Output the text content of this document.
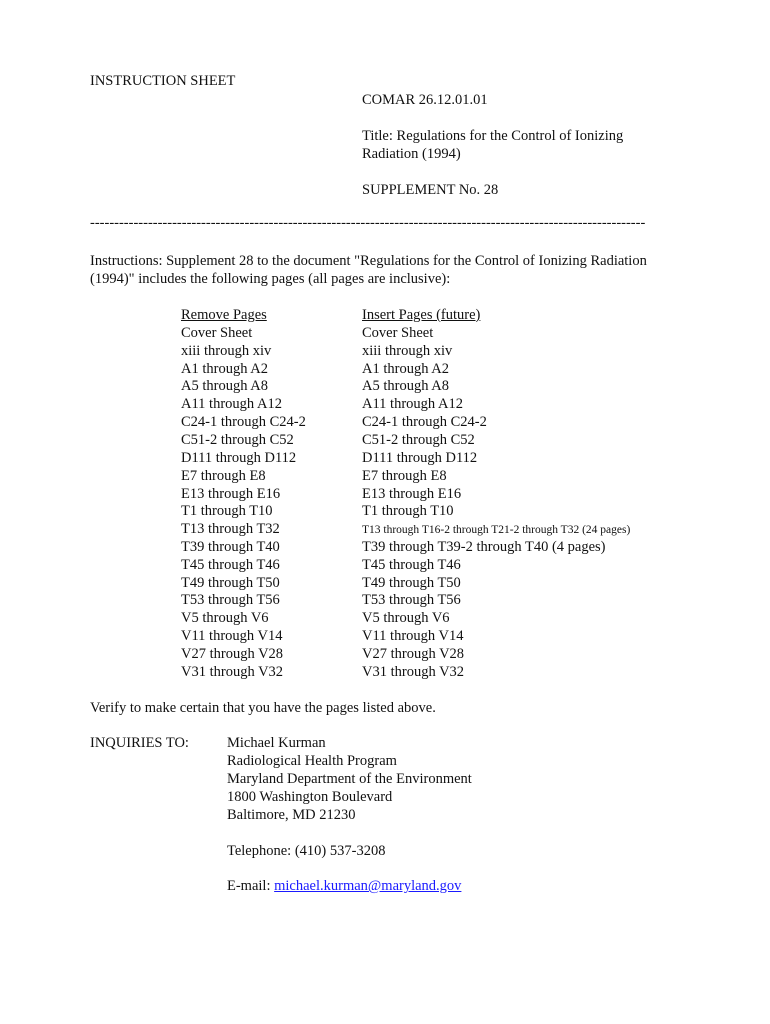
INSTRUCTION SHEET
COMAR 26.12.01.01
Title: Regulations for the Control of Ionizing
Radiation (1994)
SUPPLEMENT No. 28
-------------------------------------------------------------------------------------------------------------------
Instructions: Supplement 28 to the document "Regulations for the Control of Ionizing Radiation
(1994)" includes the following pages (all pages are inclusive):
Remove Pages	Insert Pages (future)
Cover Sheet
xiii through xiv
A1 through A2
A5 through A8
A11 through A12
C24-1 through C24-2
C51-2 through C52
D111 through D112
E7 through E8
E13 through E16
T1 through T10
T13 through T32
T39 through T40
T45 through T46
T49 through T50
T53 through T56
V5 through V6
V11 through V14
V27 through V28
V31 through V32
Cover Sheet
xiii through xiv
A1 through A2
A5 through A8
A11 through A12
C24-1 through C24-2
C51-2 through C52
D111 through D112
E7 through E8
E13 through E16
T1 through T10
T13 through T16-2 through T21-2 through T32 (24 pages)
T39 through T39-2 through T40 (4 pages)
T45 through T46
T49 through T50
T53 through T56
V5 through V6
V11 through V14
V27 through V28
V31 through V32
Verify to make certain that you have the pages listed above.
INQUIRIES TO:	Michael Kurman
Radiological Health Program
Maryland Department of the Environment
1800 Washington Boulevard
Baltimore, MD 21230
Telephone: (410) 537-3208
E-mail: michael.kurman@maryland.gov
